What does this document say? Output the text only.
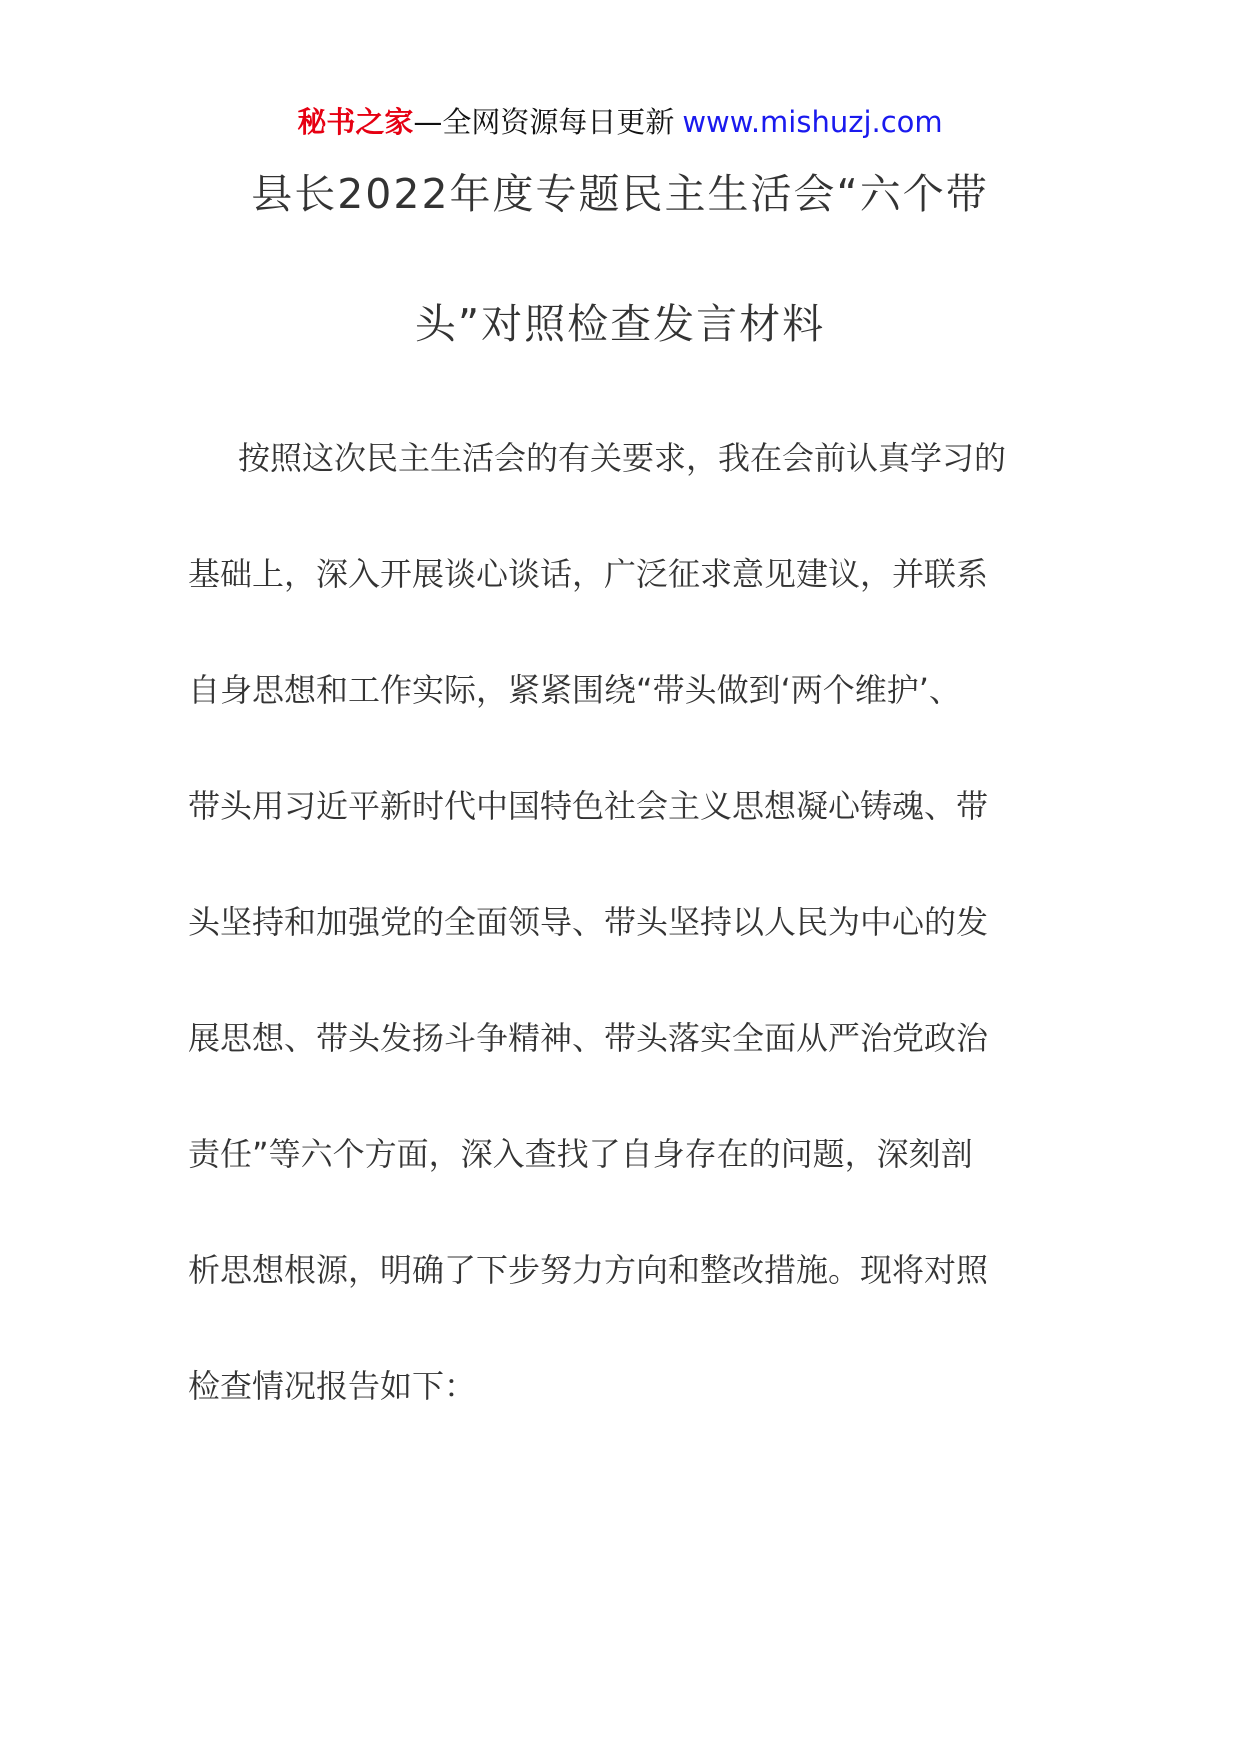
秘书之家—全网资源每日更新 www.mishuzj.com
县长2022年度专题民主生活会“六个带
头”对照检查发言材料
按照这次民主生活会的有关要求，我在会前认真学习的
基础上，深入开展谈心谈话，广泛征求意见建议，并联系
自身思想和工作实际，紧紧围绕“带头做到‘两个维护’、
带头用习近平新时代中国特色社会主义思想凝心铸魂、带
头坚持和加强党的全面领导、带头坚持以人民为中心的发
展思想、带头发扬斗争精神、带头落实全面从严治党政治
责任”等六个方面，深入查找了自身存在的问题，深刻剖
析思想根源，明确了下步努力方向和整改措施。现将对照
检查情况报告如下：
